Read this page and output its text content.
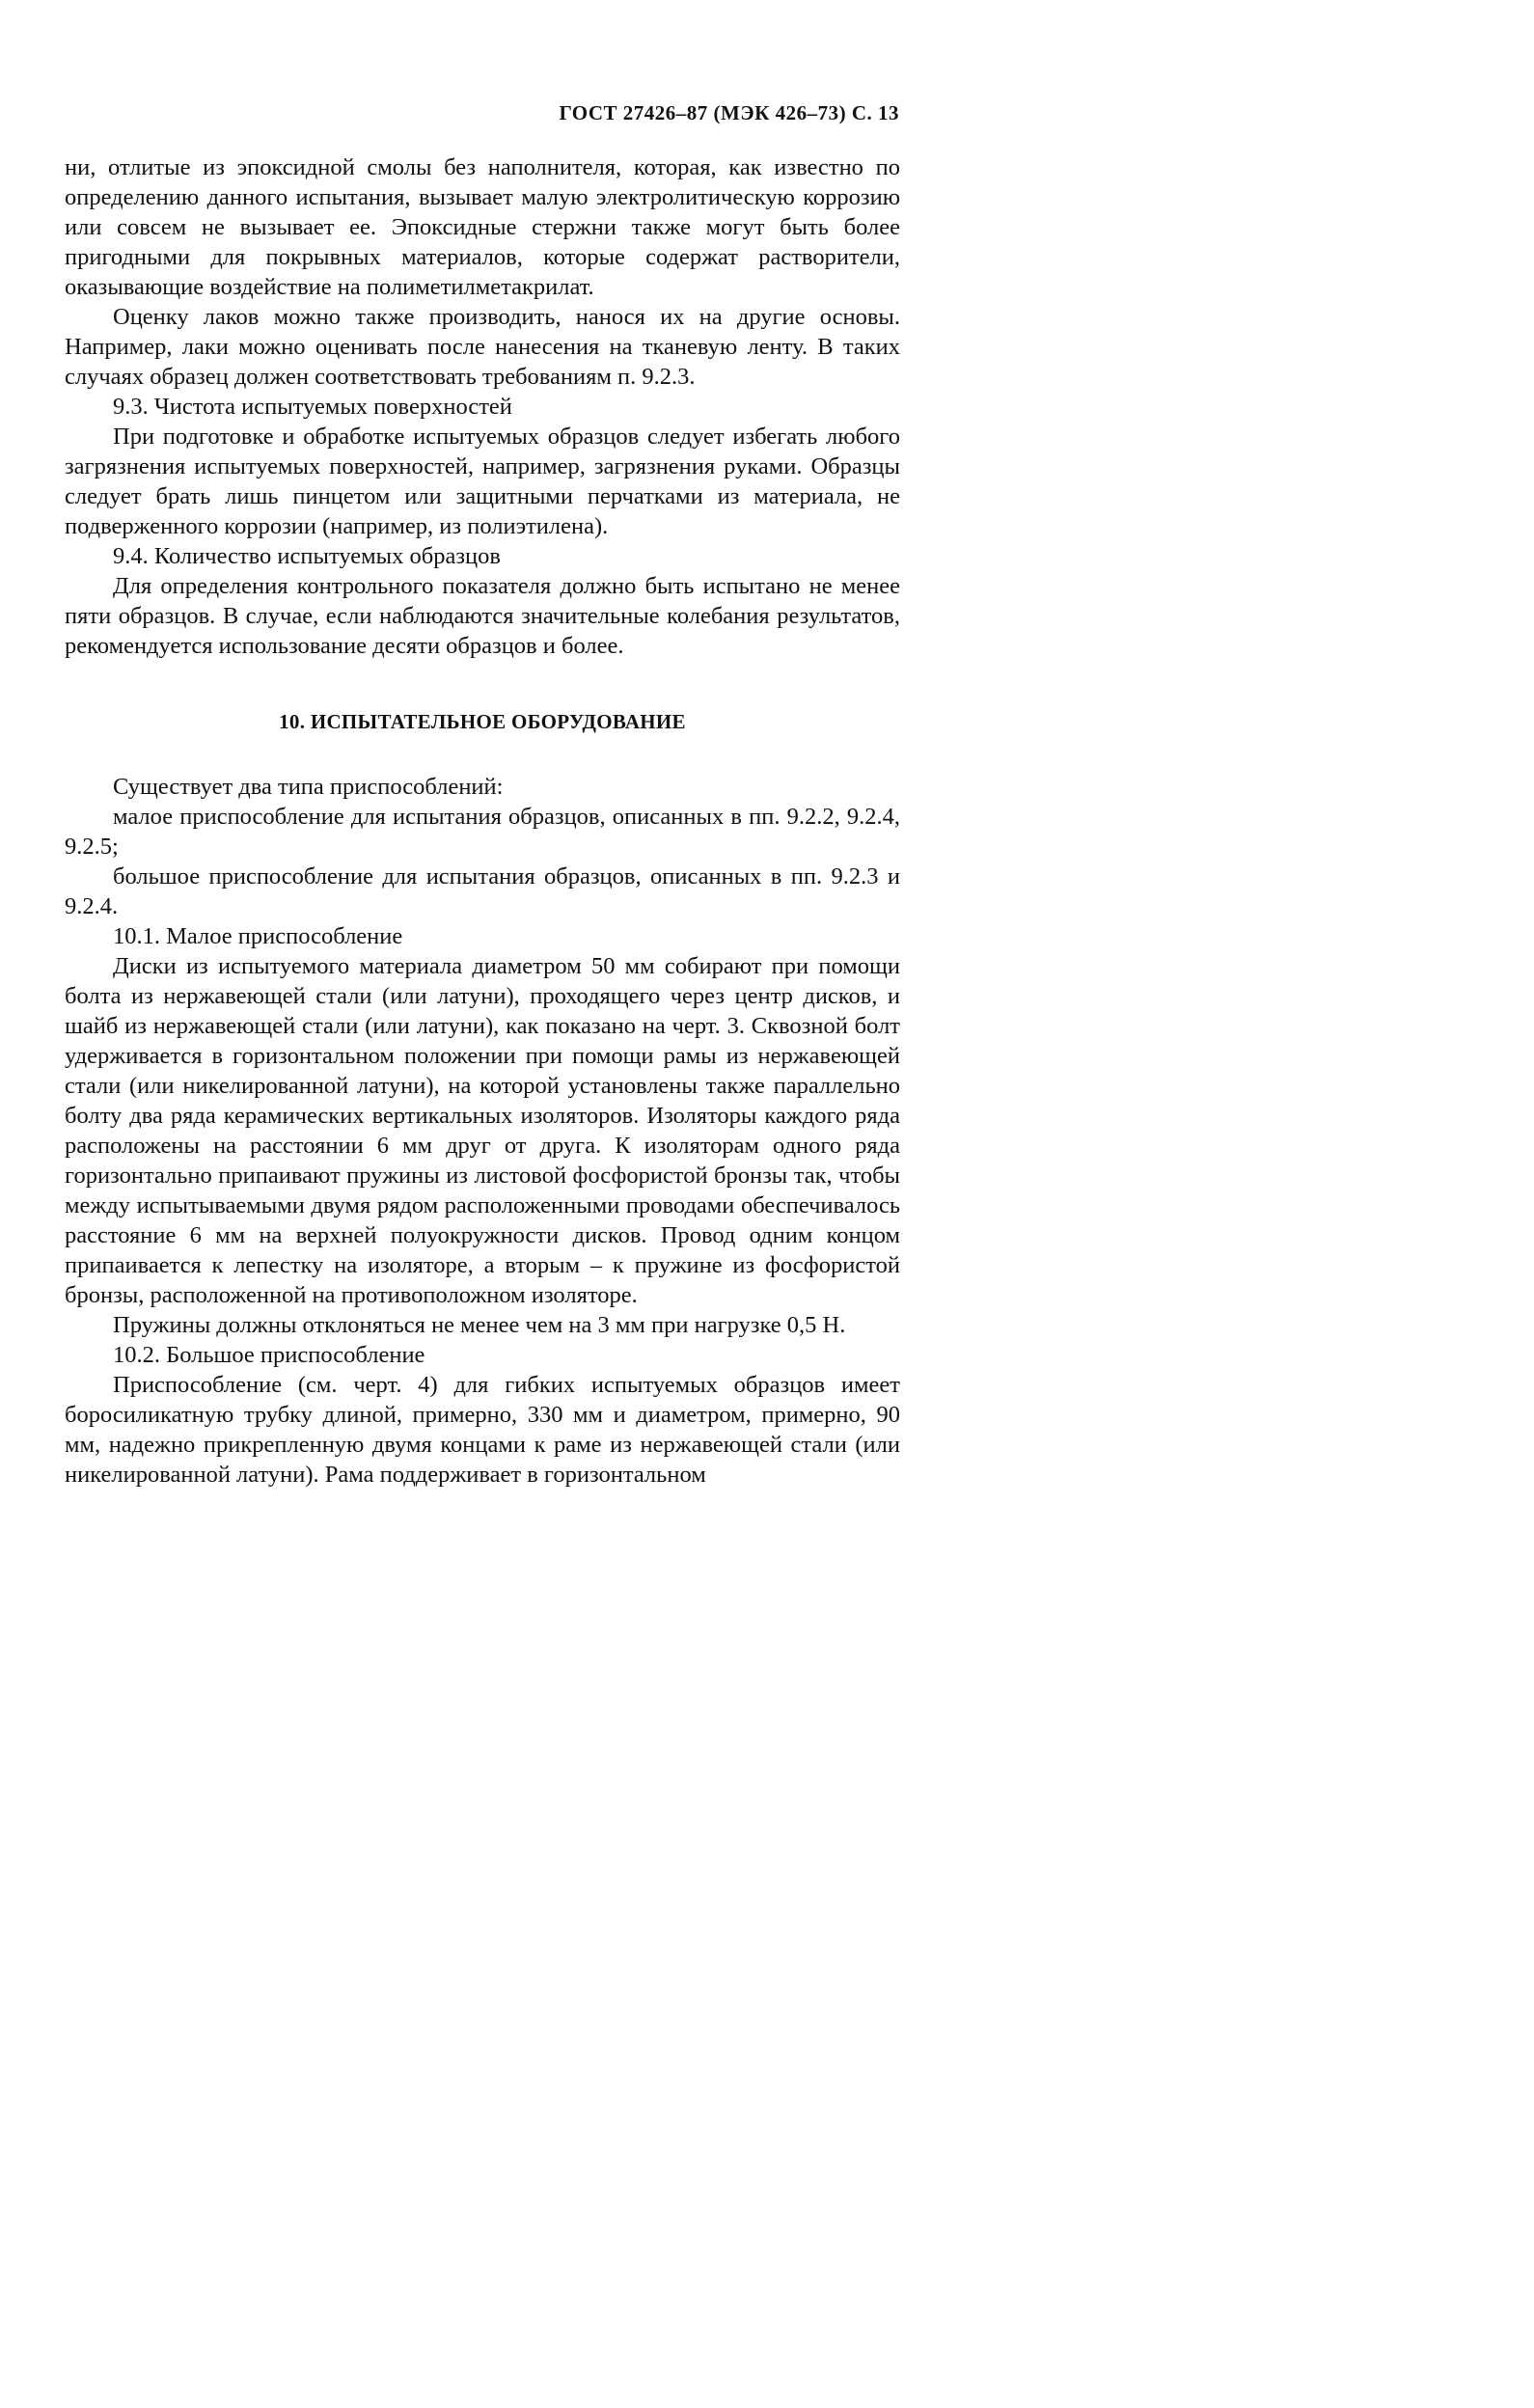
ГОСТ 27426–87 (МЭК 426–73) С. 13

ни, отлитые из эпоксидной смолы без наполнителя, которая, как известно по определению данного испытания, вызывает малую электролитическую коррозию или совсем не вызывает ее. Эпоксидные стержни также могут быть более пригодными для покрывных материалов, которые содержат растворители, оказывающие воздействие на полиметилметакрилат.

Оценку лаков можно также производить, нанося их на другие основы. Например, лаки можно оценивать после нанесения на тканевую ленту. В таких случаях образец должен соответствовать требованиям п. 9.2.3.

9.3. Чистота испытуемых поверхностей

При подготовке и обработке испытуемых образцов следует избегать любого загрязнения испытуемых поверхностей, например, загрязнения руками. Образцы следует брать лишь пинцетом или защитными перчатками из материала, не подверженного коррозии (например, из полиэтилена).

9.4. Количество испытуемых образцов

Для определения контрольного показателя должно быть испытано не менее пяти образцов. В случае, если наблюдаются значительные колебания результатов, рекомендуется использование десяти образцов и более.

10. ИСПЫТАТЕЛЬНОЕ ОБОРУДОВАНИЕ

Существует два типа приспособлений:

малое приспособление для испытания образцов, описанных в пп. 9.2.2, 9.2.4, 9.2.5;

большое приспособление для испытания образцов, описанных в пп. 9.2.3 и 9.2.4.

10.1. Малое приспособление

Диски из испытуемого материала диаметром 50 мм собирают при помощи болта из нержавеющей стали (или латуни), проходящего через центр дисков, и шайб из нержавеющей стали (или латуни), как показано на черт. 3. Сквозной болт удерживается в горизонтальном положении при помощи рамы из нержавеющей стали (или никелированной латуни), на которой установлены также параллельно болту два ряда керамических вертикальных изоляторов. Изоляторы каждого ряда расположены на расстоянии 6 мм друг от друга. К изоляторам одного ряда горизонтально припаивают пружины из листовой фосфористой бронзы так, чтобы между испытываемыми двумя рядом расположенными проводами обеспечивалось расстояние 6 мм на верхней полуокружности дисков. Провод одним концом припаивается к лепестку на изоляторе, а вторым – к пружине из фосфористой бронзы, расположенной на противоположном изоляторе.

Пружины должны отклоняться не менее чем на 3 мм при нагрузке 0,5 Н.

10.2. Большое приспособление

Приспособление (см. черт. 4) для гибких испытуемых образцов имеет боросиликатную трубку длиной, примерно, 330 мм и диаметром, примерно, 90 мм, надежно прикрепленную двумя концами к раме из нержавеющей стали (или никелированной латуни). Рама поддерживает в горизонтальном
